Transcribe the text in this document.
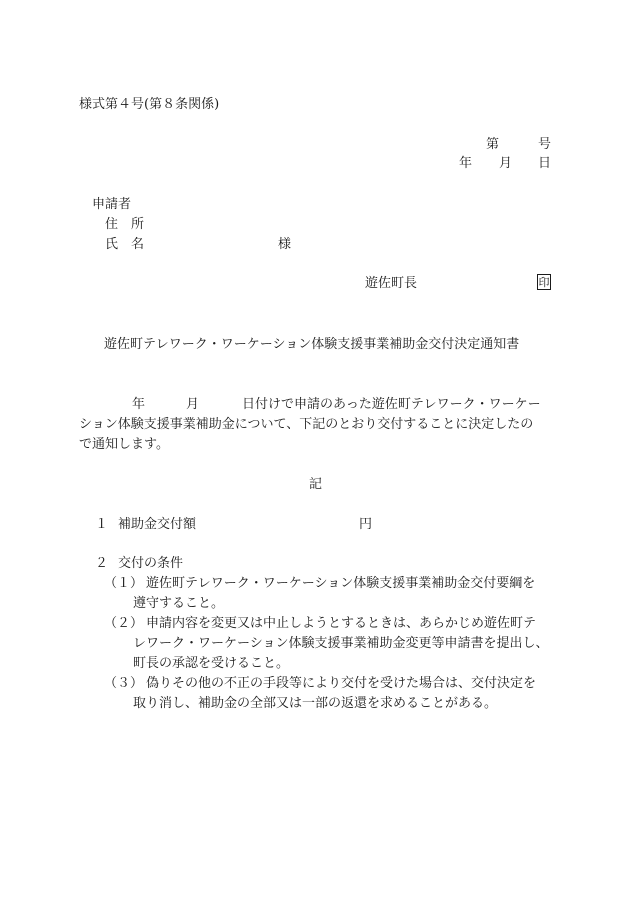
様式第４号(第８条関係)
第	号
年 月 日
申請者
住　所
氏　名	様
遊佐町長	印
遊佐町テレワーク・ワーケーション体験支援事業補助金交付決定通知書
年	月	日付けで申請のあった遊佐町テレワーク・ワーケー
ション体験支援事業補助金について、下記のとおり交付することに決定したの
で通知します。
記
１ 補助金交付額	円
２ 交付の条件
（１） 遊佐町テレワーク・ワーケーション体験支援事業補助金交付要綱を
遵守すること。
（２） 申請内容を変更又は中止しようとするときは、あらかじめ遊佐町テ
レワーク・ワーケーション体験支援事業補助金変更等申請書を提出し、
町長の承認を受けること。
（３） 偽りその他の不正の手段等により交付を受けた場合は、交付決定を
取り消し、補助金の全部又は一部の返還を求めることがある。
